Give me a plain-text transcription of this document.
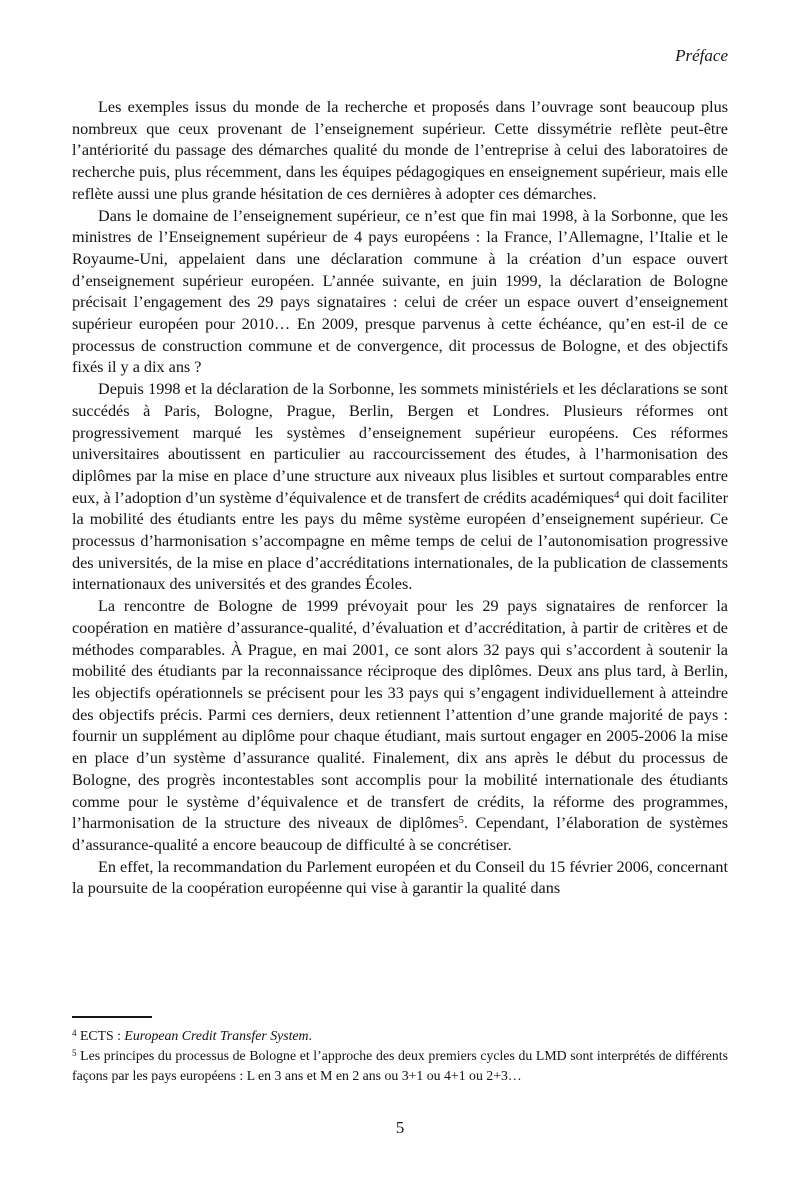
Préface

Les exemples issus du monde de la recherche et proposés dans l’ouvrage sont beaucoup plus nombreux que ceux provenant de l’enseignement supérieur. Cette dissymétrie reflète peut-être l’antériorité du passage des démarches qualité du monde de l’entreprise à celui des laboratoires de recherche puis, plus récemment, dans les équipes pédagogiques en enseignement supérieur, mais elle reflète aussi une plus grande hésitation de ces dernières à adopter ces démarches.

Dans le domaine de l’enseignement supérieur, ce n’est que fin mai 1998, à la Sorbonne, que les ministres de l’Enseignement supérieur de 4 pays européens : la France, l’Allemagne, l’Italie et le Royaume-Uni, appelaient dans une déclaration commune à la création d’un espace ouvert d’enseignement supérieur européen. L’année suivante, en juin 1999, la déclaration de Bologne précisait l’engagement des 29 pays signataires : celui de créer un espace ouvert d’enseignement supérieur européen pour 2010… En 2009, presque parvenus à cette échéance, qu’en est-il de ce processus de construction commune et de convergence, dit processus de Bologne, et des objectifs fixés il y a dix ans ?

Depuis 1998 et la déclaration de la Sorbonne, les sommets ministériels et les déclarations se sont succédés à Paris, Bologne, Prague, Berlin, Bergen et Londres. Plusieurs réformes ont progressivement marqué les systèmes d’enseignement supérieur européens. Ces réformes universitaires aboutissent en particulier au raccourcissement des études, à l’harmonisation des diplômes par la mise en place d’une structure aux niveaux plus lisibles et surtout comparables entre eux, à l’adoption d’un système d’équivalence et de transfert de crédits académiques$^4$ qui doit faciliter la mobilité des étudiants entre les pays du même système européen d’enseignement supérieur. Ce processus d’harmonisation s’accompagne en même temps de celui de l’autonomisation progressive des universités, de la mise en place d’accréditations internationales, de la publication de classements internationaux des universités et des grandes Écoles.

La rencontre de Bologne de 1999 prévoyait pour les 29 pays signataires de renforcer la coopération en matière d’assurance-qualité, d’évaluation et d’accréditation, à partir de critères et de méthodes comparables. À Prague, en mai 2001, ce sont alors 32 pays qui s’accordent à soutenir la mobilité des étudiants par la reconnaissance réciproque des diplômes. Deux ans plus tard, à Berlin, les objectifs opérationnels se précisent pour les 33 pays qui s’engagent individuellement à atteindre des objectifs précis. Parmi ces derniers, deux retiennent l’attention d’une grande majorité de pays : fournir un supplément au diplôme pour chaque étudiant, mais surtout engager en 2005-2006 la mise en place d’un système d’assurance qualité. Finalement, dix ans après le début du processus de Bologne, des progrès incontestables sont accomplis pour la mobilité internationale des étudiants comme pour le système d’équivalence et de transfert de crédits, la réforme des programmes, l’harmonisation de la structure des niveaux de diplômes$^5$. Cependant, l’élaboration de systèmes d’assurance-qualité a encore beaucoup de difficulté à se concrétiser.

En effet, la recommandation du Parlement européen et du Conseil du 15 février 2006, concernant la poursuite de la coopération européenne qui vise à garantir la qualité dans

$^4$ ECTS : European Credit Transfer System.

$^5$ Les principes du processus de Bologne et l’approche des deux premiers cycles du LMD sont interprétés de différents façons par les pays européens : L en 3 ans et M en 2 ans ou 3+1 ou 4+1 ou 2+3…

5
